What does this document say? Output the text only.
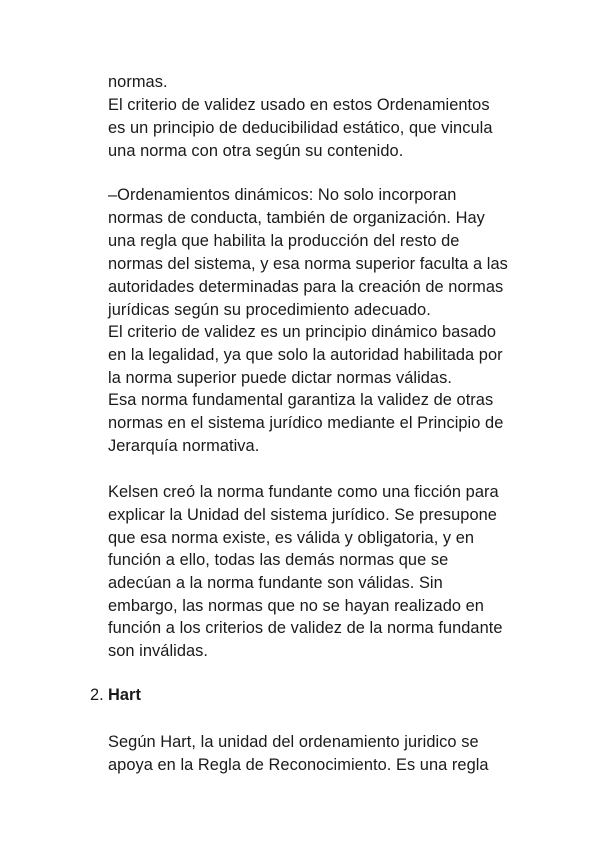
normas.
El criterio de validez usado en estos Ordenamientos
es un principio de deducibilidad estático, que vincula
una norma con otra según su contenido.
–Ordenamientos dinámicos: No solo incorporan
normas de conducta, también de organización. Hay
una regla que habilita la producción del resto de
normas del sistema, y esa norma superior faculta a las
autoridades determinadas para la creación de normas
jurídicas según su procedimiento adecuado.
El criterio de validez es un principio dinámico basado
en la legalidad, ya que solo la autoridad habilitada por
la norma superior puede dictar normas válidas.
Esa norma fundamental garantiza la validez de otras
normas en el sistema jurídico mediante el Principio de
Jerarquía normativa.
Kelsen creó la norma fundante como una ficción para
explicar la Unidad del sistema jurídico. Se presupone
que esa norma existe, es válida y obligatoria, y en
función a ello, todas las demás normas que se
adecúan a la norma fundante son válidas. Sin
embargo, las normas que no se hayan realizado en
función a los criterios de validez de la norma fundante
son inválidas.
2. Hart
Según Hart, la unidad del ordenamiento juridico se
apoya en la Regla de Reconocimiento. Es una regla
